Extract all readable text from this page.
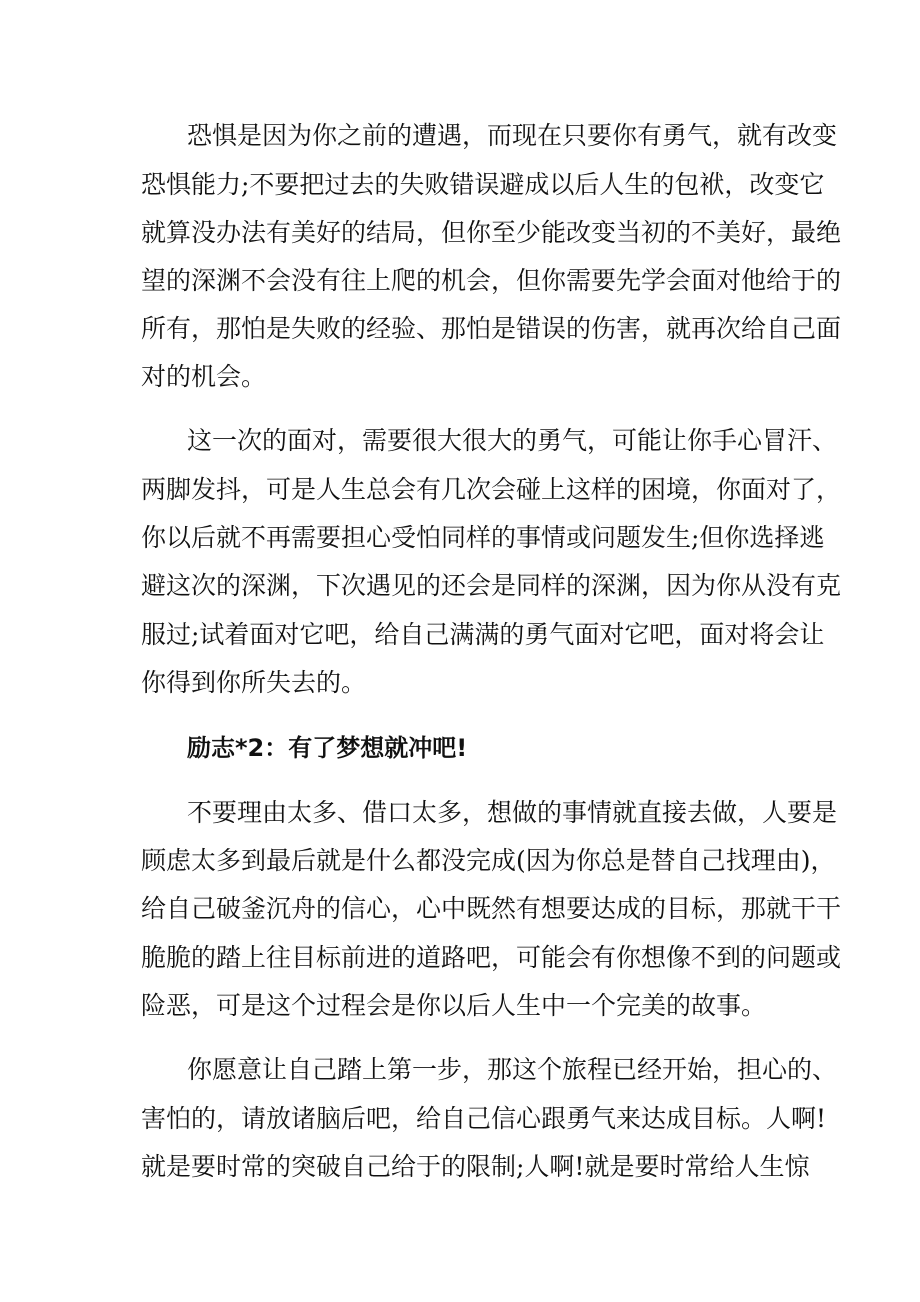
恐惧是因为你之前的遭遇，而现在只要你有勇气，就有改变

恐惧能力;不要把过去的失败错误避成以后人生的包袱，改变它

就算没办法有美好的结局，但你至少能改变当初的不美好，最绝

望的深渊不会没有往上爬的机会，但你需要先学会面对他给于的

所有，那怕是失败的经验、那怕是错误的伤害，就再次给自己面

对的机会。

这一次的面对，需要很大很大的勇气，可能让你手心冒汗、

两脚发抖，可是人生总会有几次会碰上这样的困境，你面对了，

你以后就不再需要担心受怕同样的事情或问题发生;但你选择逃

避这次的深渊，下次遇见的还会是同样的深渊，因为你从没有克

服过;试着面对它吧，给自己满满的勇气面对它吧，面对将会让

你得到你所失去的。

励志*2：有了梦想就冲吧!

不要理由太多、借口太多，想做的事情就直接去做，人要是

顾虑太多到最后就是什么都没完成(因为你总是替自己找理由)，

给自己破釜沉舟的信心，心中既然有想要达成的目标，那就干干

脆脆的踏上往目标前进的道路吧，可能会有你想像不到的问题或

险恶，可是这个过程会是你以后人生中一个完美的故事。

你愿意让自己踏上第一步，那这个旅程已经开始，担心的、

害怕的，请放诸脑后吧，给自己信心跟勇气来达成目标。人啊!

就是要时常的突破自己给于的限制;人啊!就是要时常给人生惊
